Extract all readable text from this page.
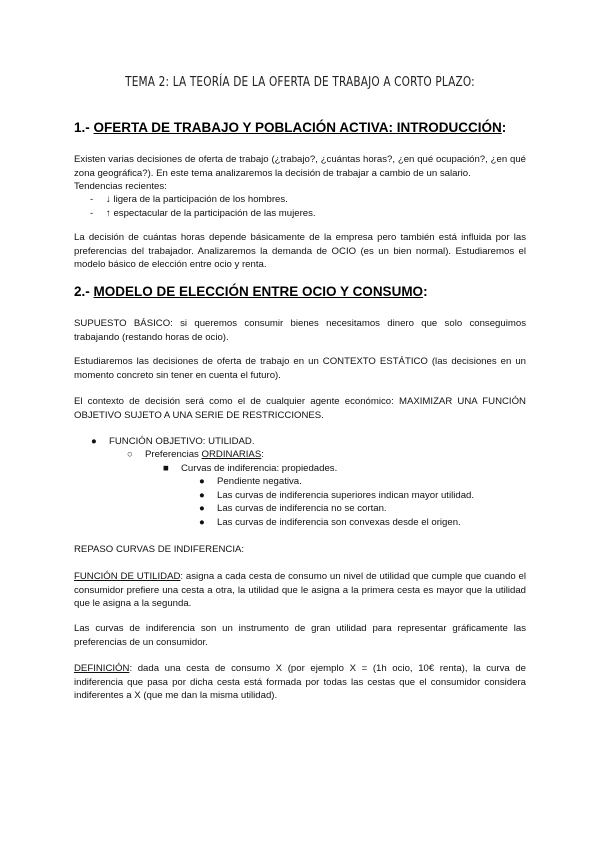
TEMA 2: LA TEORÍA DE LA OFERTA DE TRABAJO A CORTO PLAZO:
1.- OFERTA DE TRABAJO Y POBLACIÓN ACTIVA: INTRODUCCIÓN:
Existen varias decisiones de oferta de trabajo (¿trabajo?, ¿cuántas horas?, ¿en qué ocupación?, ¿en qué zona geográfica?). En este tema analizaremos la decisión de trabajar a cambio de un salario.
Tendencias recientes:
- ↓ ligera de la participación de los hombres.
- ↑ espectacular de la participación de las mujeres.
La decisión de cuántas horas depende básicamente de la empresa pero también está influida por las preferencias del trabajador. Analizaremos la demanda de OCIO (es un bien normal). Estudiaremos el modelo básico de elección entre ocio y renta.
2.- MODELO DE ELECCIÓN ENTRE OCIO Y CONSUMO:
SUPUESTO BÁSICO: si queremos consumir bienes necesitamos dinero que solo conseguimos trabajando (restando horas de ocio).
Estudiaremos las decisiones de oferta de trabajo en un CONTEXTO ESTÁTICO (las decisiones en un momento concreto sin tener en cuenta el futuro).
El contexto de decisión será como el de cualquier agente económico: MAXIMIZAR UNA FUNCIÓN OBJETIVO SUJETO A UNA SERIE DE RESTRICCIONES.
● FUNCIÓN OBJETIVO: UTILIDAD.
○ Preferencias ORDINARIAS:
■ Curvas de indiferencia: propiedades.
● Pendiente negativa.
● Las curvas de indiferencia superiores indican mayor utilidad.
● Las curvas de indiferencia no se cortan.
● Las curvas de indiferencia son convexas desde el origen.
REPASO CURVAS DE INDIFERENCIA:
FUNCIÓN DE UTILIDAD: asigna a cada cesta de consumo un nivel de utilidad que cumple que cuando el consumidor prefiere una cesta a otra, la utilidad que le asigna a la primera cesta es mayor que la utilidad que le asigna a la segunda.
Las curvas de indiferencia son un instrumento de gran utilidad para representar gráficamente las preferencias de un consumidor.
DEFINICIÓN: dada una cesta de consumo X (por ejemplo X = (1h ocio, 10€ renta), la curva de indiferencia que pasa por dicha cesta está formada por todas las cestas que el consumidor considera indiferentes a X (que me dan la misma utilidad).
